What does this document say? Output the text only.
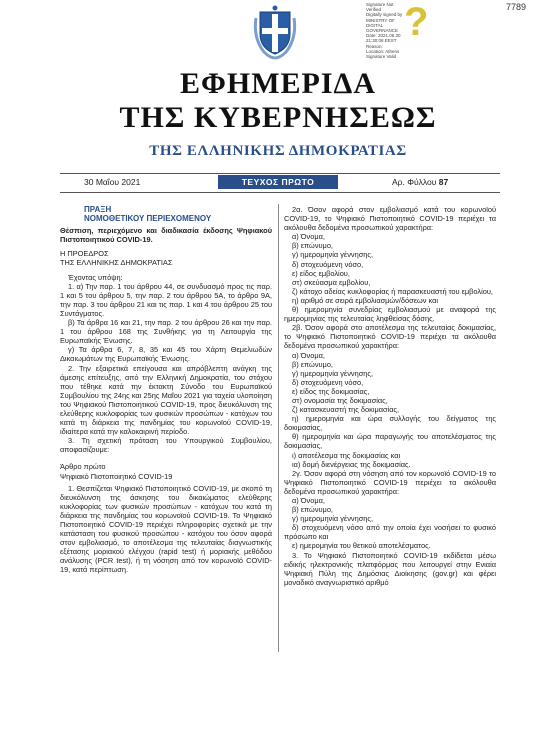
Signature Not
Verified
Digitally signed by
MINISTRY OF
DIGITAL
GOVERNANCE
Date: 2021.05.30
21:30:08 EEST
Reason:
Location: Athens
Signature Valid
?	7789
ΕΦΗΜΕΡΙΔΑ
ΤΗΣ ΚΥΒΕΡΝΗΣΕΩΣ
ΤΗΣ ΕΛΛΗΝΙΚΗΣ ΔΗΜΟΚΡΑΤΙΑΣ
30 Μαΐου 2021	ΤΕΥΧΟΣ ΠΡΩΤΟ	Αρ. Φύλλου 87

ΠΡΑΞΗ

ΝΟΜΟΘΕΤΙΚΟΥ ΠΕΡΙΕΧΟΜΕΝΟΥ

Θέσπιση, περιεχόμενο και διαδικασία έκδοσης Ψηφιακού Πιστοποιητικού COVID-19.

Η ΠΡΟΕΔΡΟΣ

ΤΗΣ ΕΛΛΗΝΙΚΗΣ ΔΗΜΟΚΡΑΤΙΑΣ

Έχοντας υπόψη:

1. α) Την παρ. 1 του άρθρου 44, σε συνδυασμό προς τις παρ. 1 και 5 του άρθρου 5, την παρ. 2 του άρθρου 5Α, το άρθρο 9Α, την παρ. 3 του άρθρου 21 και τις παρ. 1 και 4 του άρθρου 25 του Συντάγματος.

β) Τα άρθρα 16 και 21, την παρ. 2 του άρθρου 26 και την παρ. 1 του άρθρου 168 της Συνθήκης για τη Λειτουργία της Ευρωπαϊκής Ένωσης.

γ) Τα άρθρα 6, 7, 8, 35 και 45 του Χάρτη Θεμελιωδών Δικαιωμάτων της Ευρωπαϊκής Ένωσης.

2. Την εξαιρετικά επείγουσα και απρόβλεπτη ανάγκη της άμεσης επίτευξης, από την Ελληνική Δημοκρατία, του στόχου που τέθηκε κατά την έκτακτη Σύνοδο του Ευρωπαϊκού Συμβουλίου της 24ης και 25ης Μαΐου 2021 για ταχεία υλοποίηση του Ψηφιακού Πιστοποιητικού COVID-19, προς διευκόλυνση της ελεύθερης κυκλοφορίας των φυσικών προσώπων - κατόχων του κατά τη διάρκεια της πανδημίας του κορωνοϊού COVID-19, ιδιαίτερα κατά την καλοκαιρινή περίοδο.

3. Τη σχετική πρόταση του Υπουργικού Συμβουλίου, αποφασίζουμε:

Άρθρο πρώτο

Ψηφιακό Πιστοποιητικό COVID-19

1. Θεσπίζεται Ψηφιακό Πιστοποιητικό COVID-19, με σκοπό τη διευκόλυνση της άσκησης του δικαιώματος ελεύθερης κυκλοφορίας των φυσικών προσώπων - κατόχων του κατά τη διάρκεια της πανδημίας του κορωνοϊού COVID-19. Το Ψηφιακό Πιστοποιητικό COVID-19 περιέχει πληροφορίες σχετικά με την κατάσταση του φυσικού προσώπου - κατόχου του όσον αφορά στον εμβολιασμό, το αποτέλεσμα της τελευταίας διαγνωστικής εξέτασης μοριακού ελέγχου (rapid test) ή μοριακής μεθόδου ανάλυσης (PCR test), ή τη νόσηση από τον κορωνοϊό COVID-19, κατά περίπτωση.

2α. Όσον αφορά στον εμβολιασμό κατά του κορωνοϊού COVID-19, το Ψηφιακό Πιστοποιητικό COVID-19 περιέχει τα ακόλουθα δεδομένα προσωπικού χαρακτήρα:

α) Όνομα,

β) επώνυμο,

γ) ημερομηνία γέννησης,

δ) στοχευόμενη νόσο,

ε) είδος εμβολίου,

στ) σκεύασμα εμβολίου,

ζ) κάτοχο αδείας κυκλοφορίας ή παρασκευαστή του εμβολίου,

η) αριθμό σε σειρά εμβολιασμών/δόσεων και

θ) ημερομηνία συνεδρίας εμβολιασμού με αναφορά της ημερομηνίας της τελευταίας ληφθείσας δόσης.

2β. Όσον αφορά στο αποτέλεσμα της τελευταίας δοκιμασίας, το Ψηφιακό Πιστοποιητικό COVID-19 περιέχει τα ακόλουθα δεδομένα προσωπικού χαρακτήρα:

α) Όνομα,

β) επώνυμο,

γ) ημερομηνία γέννησης,

δ) στοχευόμενη νόσο,

ε) είδος της δοκιμασίας,

στ) ονομασία της δοκιμασίας,

ζ) κατασκευαστή της δοκιμασίας,

η) ημερομηνία και ώρα συλλογής του δείγματος της δοκιμασίας,

θ) ημερομηνία και ώρα παραγωγής του αποτελέσματος της δοκιμασίας,

ι) αποτέλεσμα της δοκιμασίας και

ια) δομή διενέργειας της δοκιμασίας.

2γ. Όσον αφορά στη νόσηση από τον κορωνοϊό COVID-19 το Ψηφιακό Πιστοποιητικό COVID-19 περιέχει τα ακόλουθα δεδομένα προσωπικού χαρακτήρα:

α) Όνομα,

β) επώνυμο,

γ) ημερομηνία γέννησης,

δ) στοχευόμενη νόσο από την οποία έχει νοσήσει το φυσικό πρόσωπο και

ε) ημερομηνία του θετικού αποτελέσματος.

3. Το Ψηφιακό Πιστοποιητικό COVID-19 εκδίδεται μέσω ειδικής ηλεκτρονικής πλατφόρμας που λειτουργεί στην Ενιαία Ψηφιακή Πύλη της Δημόσιας Διοίκησης (gov.gr) και φέρει μοναδικό αναγνωριστικό αριθμό
